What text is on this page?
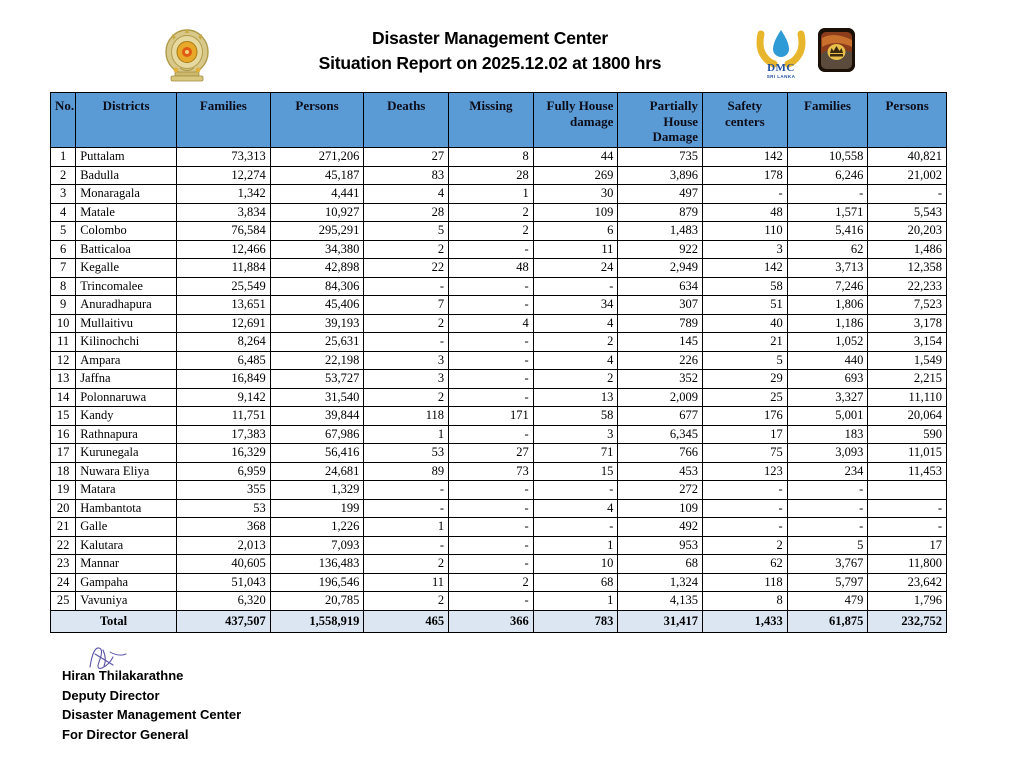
Disaster Management Center
Situation Report on 2025.12.02 at 1800 hrs	DMC
SRI LANKA
No.	Districts	Families	Persons	Deaths	Missing	Fully House damage	Partially House Damage	Safety centers	Families	Persons
1	Puttalam	73,313	271,206	27	8	44	735	142	10,558	40,821
2	Badulla	12,274	45,187	83	28	269	3,896	178	6,246	21,002
3	Monaragala	1,342	4,441	4	1	30	497	-	-	-
4	Matale	3,834	10,927	28	2	109	879	48	1,571	5,543
5	Colombo	76,584	295,291	5	2	6	1,483	110	5,416	20,203
6	Batticaloa	12,466	34,380	2	-	11	922	3	62	1,486
7	Kegalle	11,884	42,898	22	48	24	2,949	142	3,713	12,358
8	Trincomalee	25,549	84,306	-	-	-	634	58	7,246	22,233
9	Anuradhapura	13,651	45,406	7	-	34	307	51	1,806	7,523
10	Mullaitivu	12,691	39,193	2	4	4	789	40	1,186	3,178
11	Kilinochchi	8,264	25,631	-	-	2	145	21	1,052	3,154
12	Ampara	6,485	22,198	3	-	4	226	5	440	1,549
13	Jaffna	16,849	53,727	3	-	2	352	29	693	2,215
14	Polonnaruwa	9,142	31,540	2	-	13	2,009	25	3,327	11,110
15	Kandy	11,751	39,844	118	171	58	677	176	5,001	20,064
16	Rathnapura	17,383	67,986	1	-	3	6,345	17	183	590
17	Kurunegala	16,329	56,416	53	27	71	766	75	3,093	11,015
18	Nuwara Eliya	6,959	24,681	89	73	15	453	123	234	11,453
19	Matara	355	1,329	-	-	-	272	-	-	
20	Hambantota	53	199	-	-	4	109	-	-	-
21	Galle	368	1,226	1	-	-	492	-	-	-
22	Kalutara	2,013	7,093	-	-	1	953	2	5	17
23	Mannar	40,605	136,483	2	-	10	68	62	3,767	11,800
24	Gampaha	51,043	196,546	11	2	68	1,324	118	5,797	23,642
25	Vavuniya	6,320	20,785	2	-	1	4,135	8	479	1,796
Total		437,507	1,558,919	465	366	783	31,417	1,433	61,875	232,752
Hiran Thilakarathne
Deputy Director
Disaster Management Center
For Director General
